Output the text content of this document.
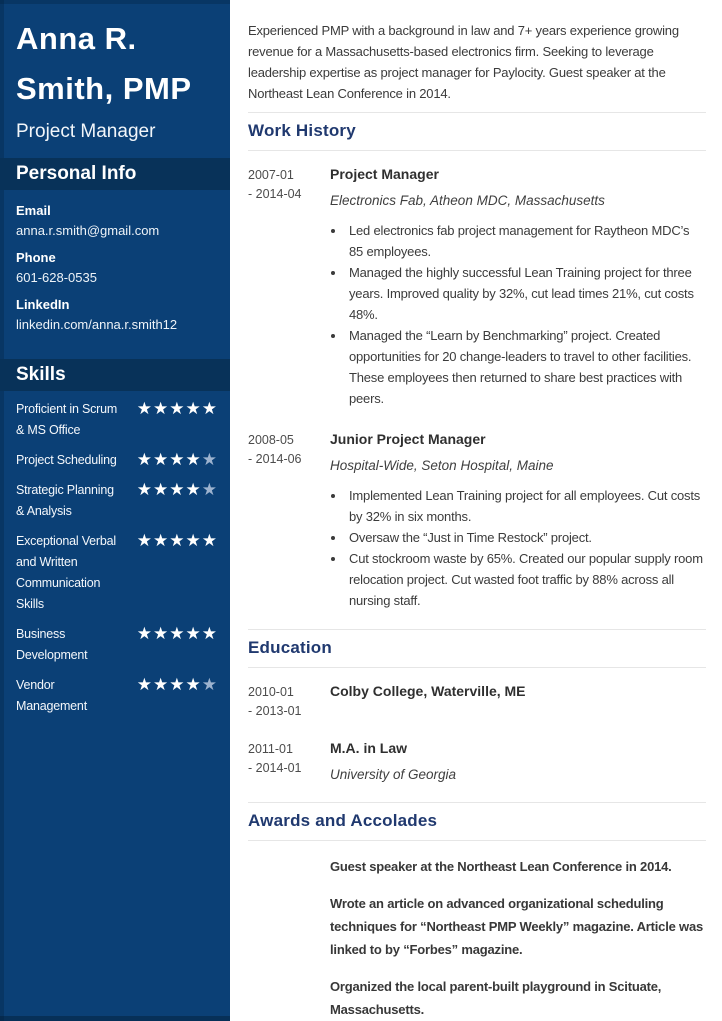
Anna R.
Smith, PMP
Project Manager
Personal Info
Email
anna.r.smith@gmail.com
Phone
601-628-0535
LinkedIn
linkedin.com/anna.r.smith12
Skills
Proficient in Scrum & MS Office
★★★★★
Project Scheduling	★★★★★
Strategic Planning & Analysis
★★★★★
Exceptional Verbal and Written Communication Skills
★★★★★
Business Development
★★★★★
Vendor Management
★★★★★

Experienced PMP with a background in law and 7+ years experience growing revenue for a Massachusetts-based electronics firm. Seeking to leverage leadership expertise as project manager for Paylocity. Guest speaker at the Northeast Lean Conference in 2014.

Work History
2007-01
- 2014-04
Project Manager
Electronics Fab, Atheon MDC, Massachusetts
• Led electronics fab project management for Raytheon MDC’s 85 employees.
• Managed the highly successful Lean Training project for three years. Improved quality by 32%, cut lead times 21%, cut costs 48%.
• Managed the “Learn by Benchmarking” project. Created opportunities for 20 change-leaders to travel to other facilities. These employees then returned to share best practices with peers.
2008-05
- 2014-06
Junior Project Manager
Hospital-Wide, Seton Hospital, Maine
• Implemented Lean Training project for all employees. Cut costs by 32% in six months.
• Oversaw the “Just in Time Restock” project.
• Cut stockroom waste by 65%. Created our popular supply room relocation project. Cut wasted foot traffic by 88% across all nursing staff.
Education
2010-01
- 2013-01
Colby College, Waterville, ME
2011-01
- 2014-01
M.A. in Law
University of Georgia
Awards and Accolades
Guest speaker at the Northeast Lean Conference in 2014.
Wrote an article on advanced organizational scheduling techniques for “Northeast PMP Weekly” magazine. Article was linked to by “Forbes” magazine.
Organized the local parent-built playground in Scituate, Massachusetts.
